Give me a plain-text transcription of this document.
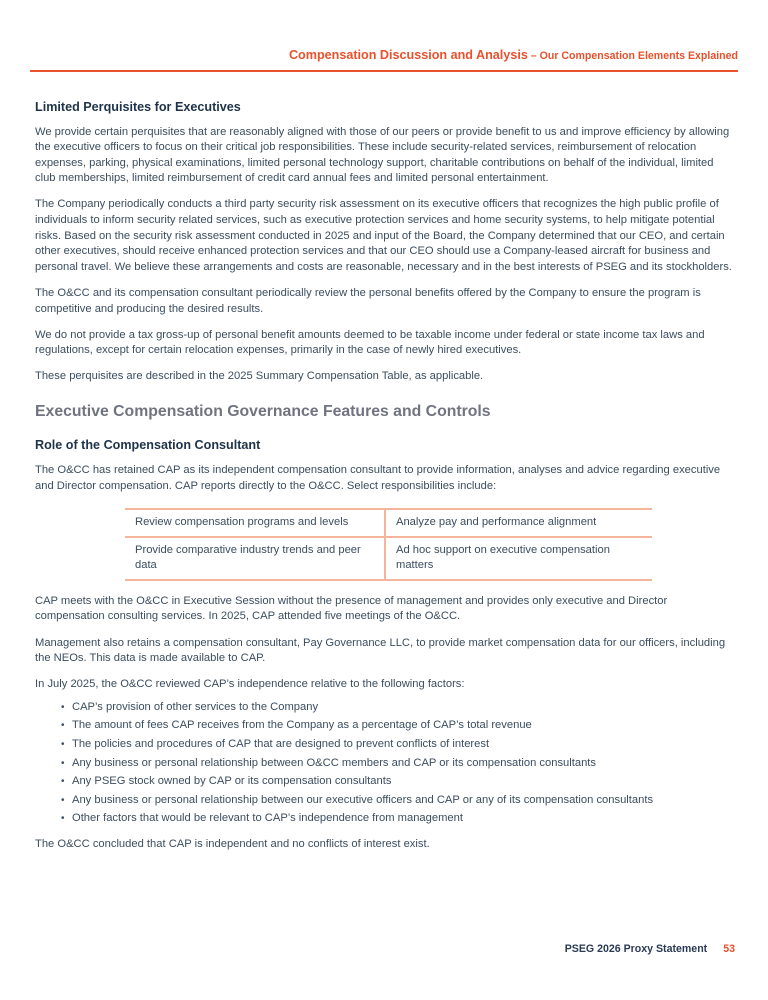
Compensation Discussion and Analysis – Our Compensation Elements Explained
Limited Perquisites for Executives

We provide certain perquisites that are reasonably aligned with those of our peers or provide benefit to us and improve efficiency by allowing the executive officers to focus on their critical job responsibilities. These include security-related services, reimbursement of relocation expenses, parking, physical examinations, limited personal technology support, charitable contributions on behalf of the individual, limited club memberships, limited reimbursement of credit card annual fees and limited personal entertainment.

The Company periodically conducts a third party security risk assessment on its executive officers that recognizes the high public profile of individuals to inform security related services, such as executive protection services and home security systems, to help mitigate potential risks. Based on the security risk assessment conducted in 2025 and input of the Board, the Company determined that our CEO, and certain other executives, should receive enhanced protection services and that our CEO should use a Company-leased aircraft for business and personal travel. We believe these arrangements and costs are reasonable, necessary and in the best interests of PSEG and its stockholders.

The O&CC and its compensation consultant periodically review the personal benefits offered by the Company to ensure the program is competitive and producing the desired results.

We do not provide a tax gross-up of personal benefit amounts deemed to be taxable income under federal or state income tax laws and regulations, except for certain relocation expenses, primarily in the case of newly hired executives.

These perquisites are described in the 2025 Summary Compensation Table, as applicable.

Executive Compensation Governance Features and Controls
Role of the Compensation Consultant

The O&CC has retained CAP as its independent compensation consultant to provide information, analyses and advice regarding executive and Director compensation. CAP reports directly to the O&CC. Select responsibilities include:

Review compensation programs and levels	Analyze pay and performance alignment
Provide comparative industry trends and peer data	Ad hoc support on executive compensation matters

CAP meets with the O&CC in Executive Session without the presence of management and provides only executive and Director compensation consulting services. In 2025, CAP attended five meetings of the O&CC.

Management also retains a compensation consultant, Pay Governance LLC, to provide market compensation data for our officers, including the NEOs. This data is made available to CAP.

In July 2025, the O&CC reviewed CAP’s independence relative to the following factors:

• CAP’s provision of other services to the Company
• The amount of fees CAP receives from the Company as a percentage of CAP’s total revenue
• The policies and procedures of CAP that are designed to prevent conflicts of interest
• Any business or personal relationship between O&CC members and CAP or its compensation consultants
• Any PSEG stock owned by CAP or its compensation consultants
• Any business or personal relationship between our executive officers and CAP or any of its compensation consultants
• Other factors that would be relevant to CAP’s independence from management

The O&CC concluded that CAP is independent and no conflicts of interest exist.

PSEG 2026 Proxy Statement 53
